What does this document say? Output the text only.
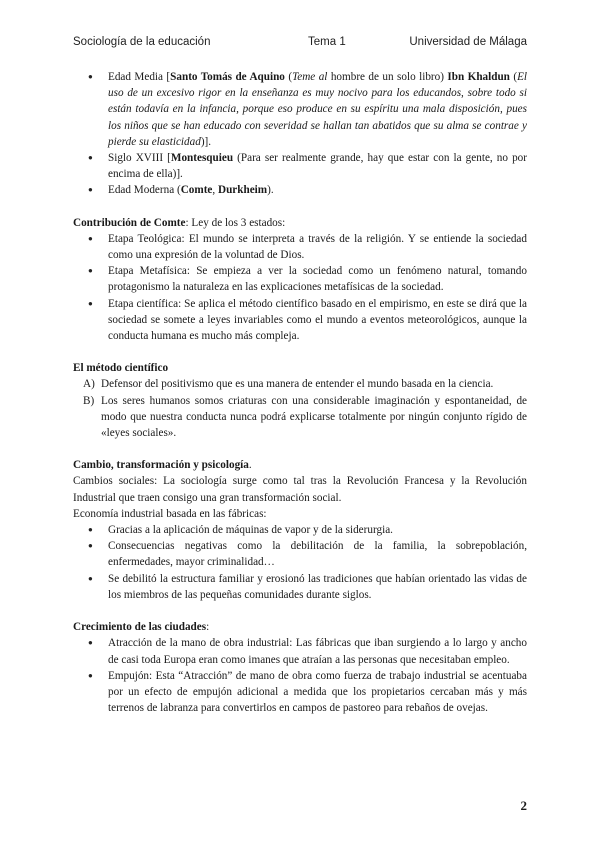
Sociología de la educación	Tema 1	Universidad de Málaga
● Edad Media [Santo Tomás de Aquino (Teme al hombre de un solo libro) Ibn Khaldun (El uso de un excesivo rigor en la enseñanza es muy nocivo para los educandos, sobre todo si están todavía en la infancia, porque eso produce en su espíritu una mala disposición, pues los niños que se han educado con severidad se hallan tan abatidos que su alma se contrae y pierde su elasticidad)].
● Siglo XVIII [Montesquieu (Para ser realmente grande, hay que estar con la gente, no por encima de ella)].
● Edad Moderna (Comte, Durkheim).

Contribución de Comte: Ley de los 3 estados:

● Etapa Teológica: El mundo se interpreta a través de la religión. Y se entiende la sociedad como una expresión de la voluntad de Dios.
● Etapa Metafísica: Se empieza a ver la sociedad como un fenómeno natural, tomando protagonismo la naturaleza en las explicaciones metafísicas de la sociedad.
● Etapa científica: Se aplica el método científico basado en el empirismo, en este se dirá que la sociedad se somete a leyes invariables como el mundo a eventos meteorológicos, aunque la conducta humana es mucho más compleja.

El método científico

A) Defensor del positivismo que es una manera de entender el mundo basada en la ciencia.
B) Los seres humanos somos criaturas con una considerable imaginación y espontaneidad, de modo que nuestra conducta nunca podrá explicarse totalmente por ningún conjunto rígido de «leyes sociales».

Cambio, transformación y psicología.

Cambios sociales: La sociología surge como tal tras la Revolución Francesa y la Revolución Industrial que traen consigo una gran transformación social.

Economía industrial basada en las fábricas:

● Gracias a la aplicación de máquinas de vapor y de la siderurgia.
● Consecuencias negativas como la debilitación de la familia, la sobrepoblación, enfermedades, mayor criminalidad…
● Se debilitó la estructura familiar y erosionó las tradiciones que habían orientado las vidas de los miembros de las pequeñas comunidades durante siglos.

Crecimiento de las ciudades:

● Atracción de la mano de obra industrial: Las fábricas que iban surgiendo a lo largo y ancho de casi toda Europa eran como imanes que atraían a las personas que necesitaban empleo.
● Empujón: Esta “Atracción” de mano de obra como fuerza de trabajo industrial se acentuaba por un efecto de empujón adicional a medida que los propietarios cercaban más y más terrenos de labranza para convertirlos en campos de pastoreo para rebaños de ovejas.
2
